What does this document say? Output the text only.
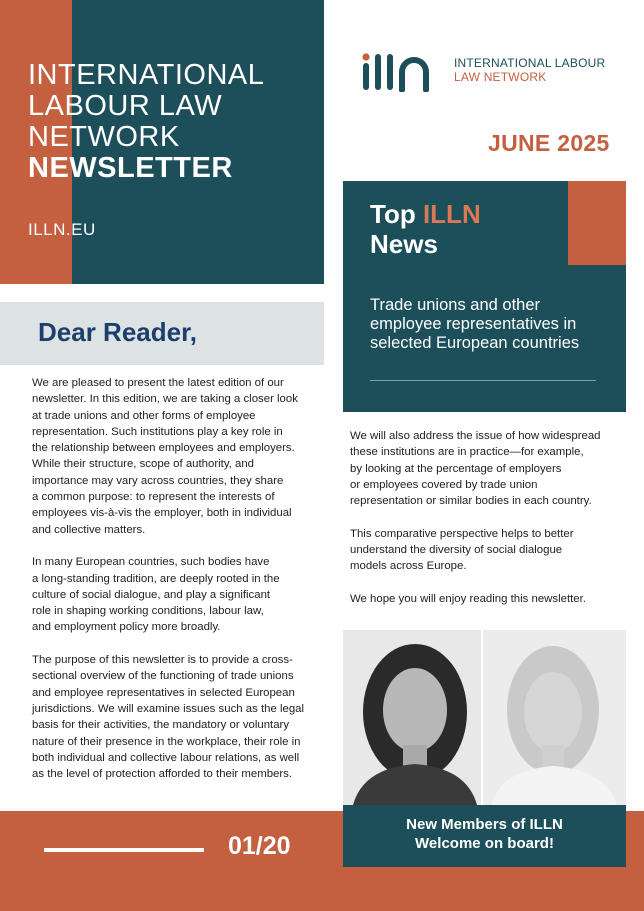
INTERNATIONAL
LABOUR LAW
NETWORK
NEWSLETTER
ILLN.EU
INTERNATIONAL LABOUR
LAW NETWORK
JUNE 2025
Top ILLN
News
Trade unions and other employee representatives in selected European countries
Dear Reader,
We are pleased to present the latest edition of our
newsletter. In this edition, we are taking a closer look
at trade unions and other forms of employee
representation. Such institutions play a key role in
the relationship between employees and employers.
While their structure, scope of authority, and
importance may vary across countries, they share
a common purpose: to represent the interests of
employees vis-à-vis the employer, both in individual
and collective matters.
In many European countries, such bodies have
a long-standing tradition, are deeply rooted in the
culture of social dialogue, and play a significant
role in shaping working conditions, labour law,
and employment policy more broadly.
The purpose of this newsletter is to provide a cross-
sectional overview of the functioning of trade unions
and employee representatives in selected European
jurisdictions. We will examine issues such as the legal
basis for their activities, the mandatory or voluntary
nature of their presence in the workplace, their role in
both individual and collective labour relations, as well
as the level of protection afforded to their members.
We will also address the issue of how widespread
these institutions are in practice—for example,
by looking at the percentage of employers
or employees covered by trade union
representation or similar bodies in each country.
This comparative perspective helps to better
understand the diversity of social dialogue
models across Europe.
We hope you will enjoy reading this newsletter.
01/20
New Members of ILLN
Welcome on board!
